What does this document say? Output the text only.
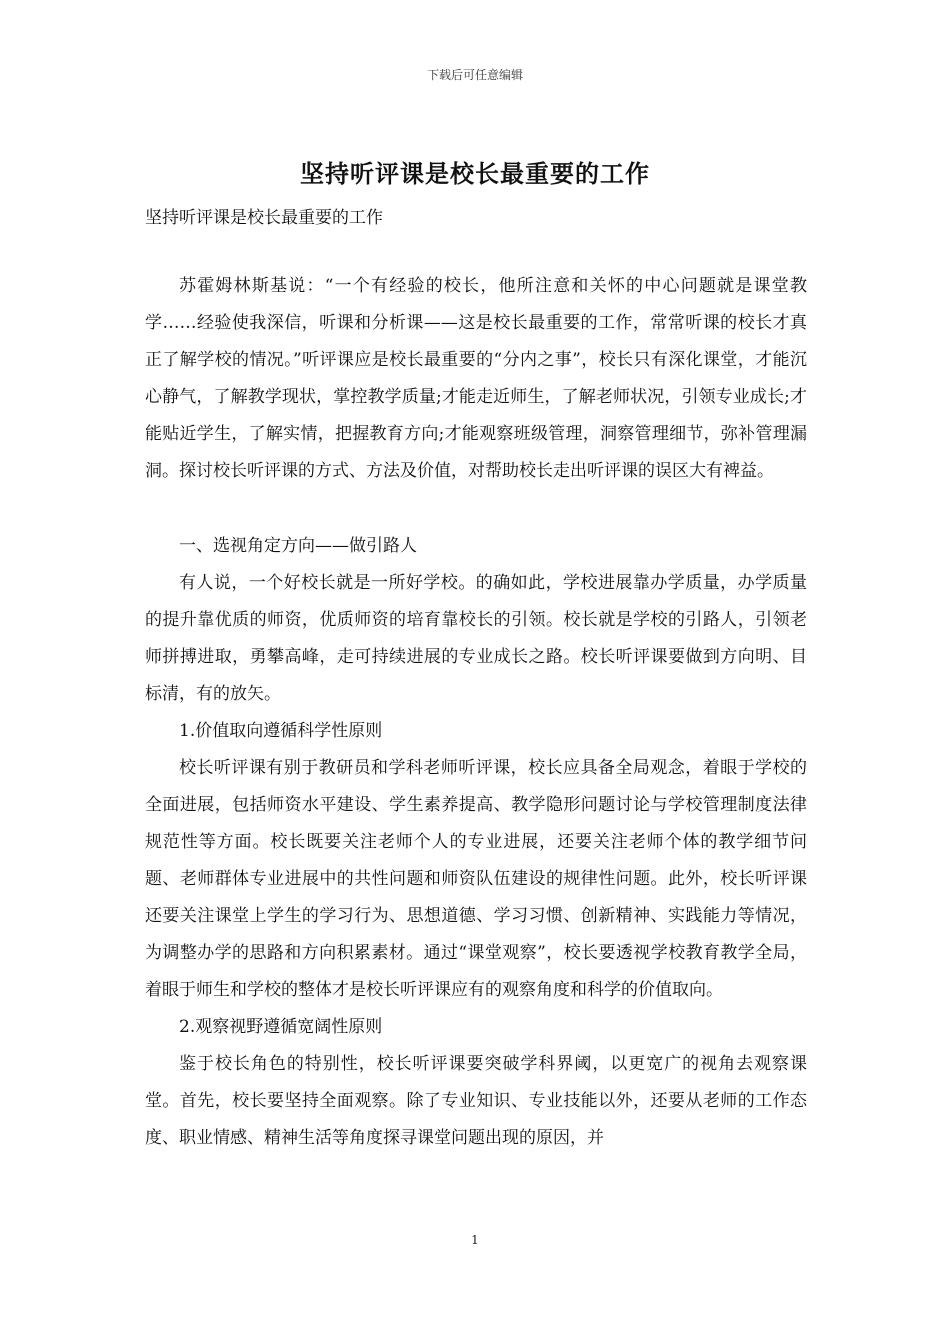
下载后可任意编辑
坚持听评课是校长最重要的工作
坚持听评课是校长最重要的工作

苏霍姆林斯基说：“一个有经验的校长，他所注意和关怀的中心问题就是课堂教学……经验使我深信，听课和分析课——这是校长最重要的工作，常常听课的校长才真正了解学校的情况。”听评课应是校长最重要的“分内之事”，校长只有深化课堂，才能沉心静气，了解教学现状，掌控教学质量;才能走近师生，了解老师状况，引领专业成长;才能贴近学生，了解实情，把握教育方向;才能观察班级管理，洞察管理细节，弥补管理漏洞。探讨校长听评课的方式、方法及价值，对帮助校长走出听评课的误区大有裨益。

一、选视角定方向——做引路人

有人说，一个好校长就是一所好学校。的确如此，学校进展靠办学质量，办学质量的提升靠优质的师资，优质师资的培育靠校长的引领。校长就是学校的引路人，引领老师拼搏进取，勇攀高峰，走可持续进展的专业成长之路。校长听评课要做到方向明、目标清，有的放矢。

1.价值取向遵循科学性原则

校长听评课有别于教研员和学科老师听评课，校长应具备全局观念，着眼于学校的全面进展，包括师资水平建设、学生素养提高、教学隐形问题讨论与学校管理制度法律规范性等方面。校长既要关注老师个人的专业进展，还要关注老师个体的教学细节问题、老师群体专业进展中的共性问题和师资队伍建设的规律性问题。此外，校长听评课还要关注课堂上学生的学习行为、思想道德、学习习惯、创新精神、实践能力等情况，为调整办学的思路和方向积累素材。通过“课堂观察”，校长要透视学校教育教学全局，着眼于师生和学校的整体才是校长听评课应有的观察角度和科学的价值取向。

2.观察视野遵循宽阔性原则

鉴于校长角色的特别性，校长听评课要突破学科界阈，以更宽广的视角去观察课堂。首先，校长要坚持全面观察。除了专业知识、专业技能以外，还要从老师的工作态度、职业情感、精神生活等角度探寻课堂问题出现的原因，并

1
